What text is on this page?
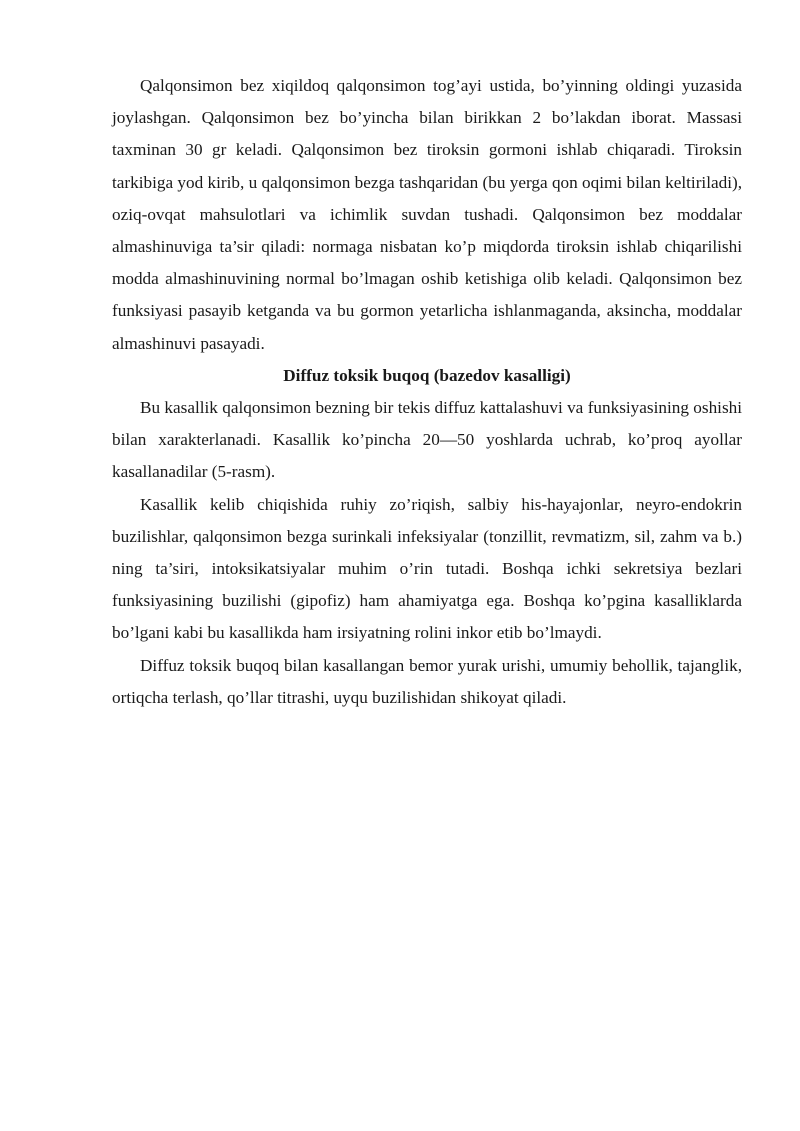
Qalqonsimon bez xiqildoq qalqonsimon tog’ayi ustida, bo’yinning oldingi yuzasida joylashgan. Qalqonsimon bez bo’yincha bilan birikkan 2 bo’lakdan iborat. Massasi taxminan 30 gr keladi. Qalqonsimon bez tiroksin gormoni ishlab chiqaradi. Tiroksin tarkibiga yod kirib, u qalqonsimon bezga tashqaridan (bu yerga qon oqimi bilan keltiriladi), oziq-ovqat mahsulotlari va ichimlik suvdan tushadi. Qalqonsimon bez moddalar almashinuviga ta’sir qiladi: normaga nisbatan ko’p miqdorda tiroksin ishlab chiqarilishi modda almashinuvining normal bo’lmagan oshib ketishiga olib keladi. Qalqonsimon bez funksiyasi pasayib ketganda va bu gormon yetarlicha ishlanmaganda, aksincha, moddalar almashinuvi pasayadi.

Diffuz toksik buqoq (bazedov kasalligi)

Bu kasallik qalqonsimon bezning bir tekis diffuz kattalashuvi va funksiyasining oshishi bilan xarakterlanadi. Kasallik ko’pincha 20—50 yoshlarda uchrab, ko’proq ayollar kasallanadilar (5-rasm).

Kasallik kelib chiqishida ruhiy zo’riqish, salbiy his-hayajonlar, neyro-endokrin buzilishlar, qalqonsimon bezga surinkali infeksiyalar (tonzillit, revmatizm, sil, zahm va b.) ning ta’siri, intoksikatsiyalar muhim o’rin tutadi. Boshqa ichki sekretsiya bezlari funksiyasining buzilishi (gipofiz) ham ahamiyatga ega. Boshqa ko’pgina kasalliklarda bo’lgani kabi bu kasallikda ham irsiyatning rolini inkor etib bo’lmaydi.

Diffuz toksik buqoq bilan kasallangan bemor yurak urishi, umumiy behollik, tajanglik, ortiqcha terlash, qo’llar titrashi, uyqu buzilishidan shikoyat qiladi.
